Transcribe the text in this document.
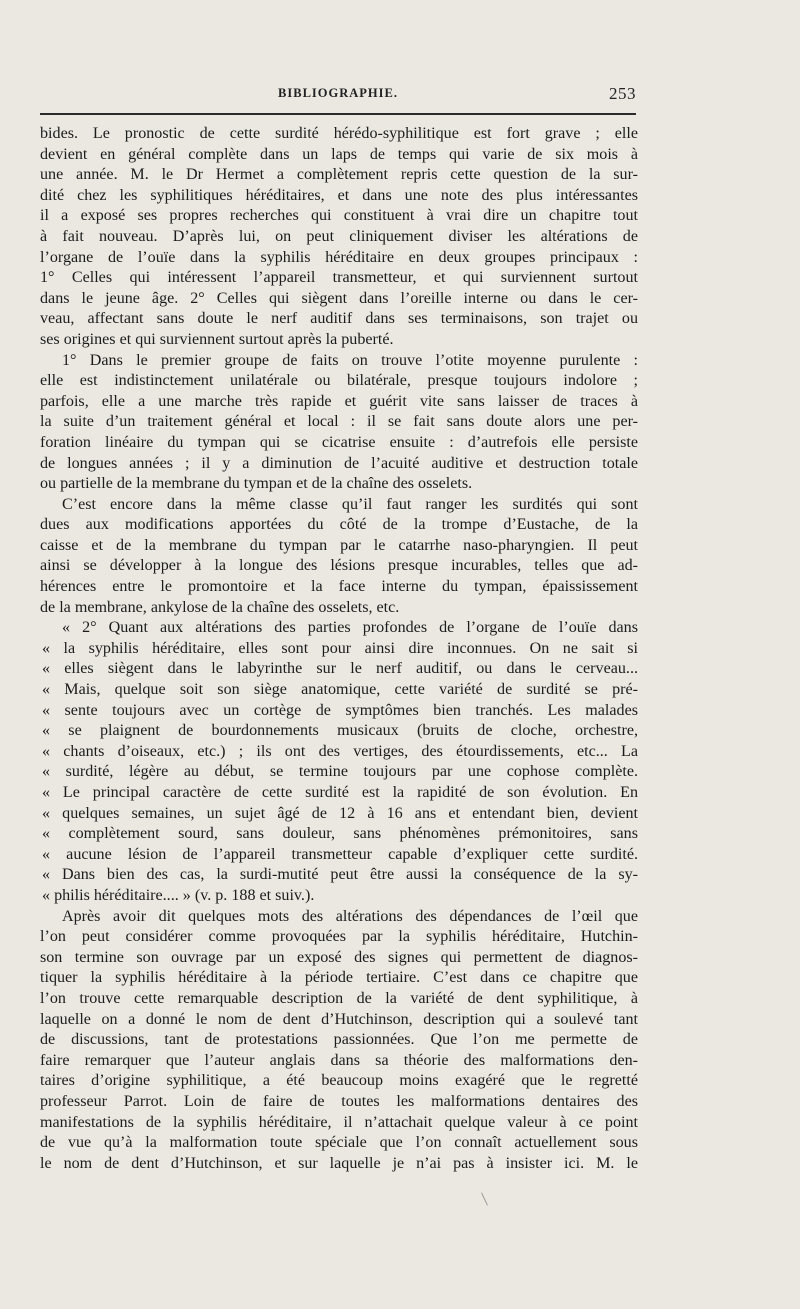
BIBLIOGRAPHIE.	253
bides. Le pronostic de cette surdité hérédo-syphilitique est fort grave ; elle
devient en général complète dans un laps de temps qui varie de six mois à
une année. M. le Dr Hermet a complètement repris cette question de la sur-
dité chez les syphilitiques héréditaires, et dans une note des plus intéressantes
il a exposé ses propres recherches qui constituent à vrai dire un chapitre tout
à fait nouveau. D’après lui, on peut cliniquement diviser les altérations de
l’organe de l’ouïe dans la syphilis héréditaire en deux groupes principaux :
1° Celles qui intéressent l’appareil transmetteur, et qui surviennent surtout
dans le jeune âge. 2° Celles qui siègent dans l’oreille interne ou dans le cer-
veau, affectant sans doute le nerf auditif dans ses terminaisons, son trajet ou
ses origines et qui surviennent surtout après la puberté.
1° Dans le premier groupe de faits on trouve l’otite moyenne purulente :
elle est indistinctement unilatérale ou bilatérale, presque toujours indolore ;
parfois, elle a une marche très rapide et guérit vite sans laisser de traces à
la suite d’un traitement général et local : il se fait sans doute alors une per-
foration linéaire du tympan qui se cicatrise ensuite : d’autrefois elle persiste
de longues années ; il y a diminution de l’acuité auditive et destruction totale
ou partielle de la membrane du tympan et de la chaîne des osselets.
C’est encore dans la même classe qu’il faut ranger les surdités qui sont
dues aux modifications apportées du côté de la trompe d’Eustache, de la
caisse et de la membrane du tympan par le catarrhe naso-pharyngien. Il peut
ainsi se développer à la longue des lésions presque incurables, telles que ad-
hérences entre le promontoire et la face interne du tympan, épaississement
de la membrane, ankylose de la chaîne des osselets, etc.
« 2° Quant aux altérations des parties profondes de l’organe de l’ouïe dans
« la syphilis héréditaire, elles sont pour ainsi dire inconnues. On ne sait si
« elles siègent dans le labyrinthe sur le nerf auditif, ou dans le cerveau...
« Mais, quelque soit son siège anatomique, cette variété de surdité se pré-
« sente toujours avec un cortège de symptômes bien tranchés. Les malades
« se plaignent de bourdonnements musicaux (bruits de cloche, orchestre,
« chants d’oiseaux, etc.) ; ils ont des vertiges, des étourdissements, etc... La
« surdité, légère au début, se termine toujours par une cophose complète.
« Le principal caractère de cette surdité est la rapidité de son évolution. En
« quelques semaines, un sujet âgé de 12 à 16 ans et entendant bien, devient
« complètement sourd, sans douleur, sans phénomènes prémonitoires, sans
« aucune lésion de l’appareil transmetteur capable d’expliquer cette surdité.
« Dans bien des cas, la surdi-mutité peut être aussi la conséquence de la sy-
« philis héréditaire.... » (v. p. 188 et suiv.).
Après avoir dit quelques mots des altérations des dépendances de l’œil que
l’on peut considérer comme provoquées par la syphilis héréditaire, Hutchin-
son termine son ouvrage par un exposé des signes qui permettent de diagnos-
tiquer la syphilis héréditaire à la période tertiaire. C’est dans ce chapitre que
l’on trouve cette remarquable description de la variété de dent syphilitique, à
laquelle on a donné le nom de dent d’Hutchinson, description qui a soulevé tant
de discussions, tant de protestations passionnées. Que l’on me permette de
faire remarquer que l’auteur anglais dans sa théorie des malformations den-
taires d’origine syphilitique, a été beaucoup moins exagéré que le regretté
professeur Parrot. Loin de faire de toutes les malformations dentaires des
manifestations de la syphilis héréditaire, il n’attachait quelque valeur à ce point
de vue qu’à la malformation toute spéciale que l’on connaît actuellement sous
le nom de dent d’Hutchinson, et sur laquelle je n’ai pas à insister ici. M. le
